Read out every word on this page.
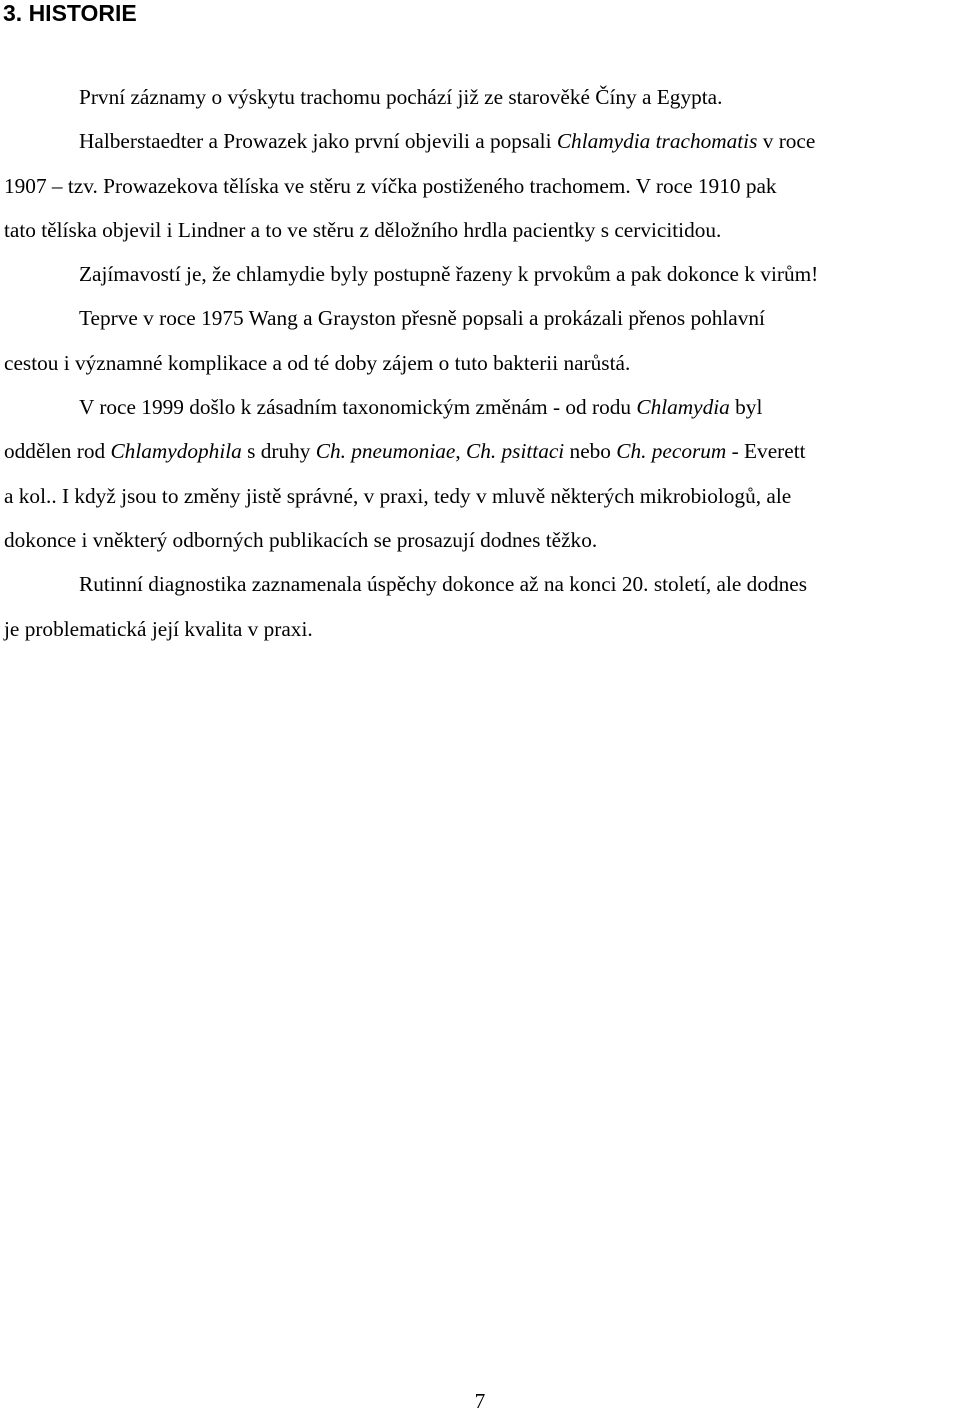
3. HISTORIE
První záznamy o výskytu trachomu pochází již ze starověké Číny a Egypta.
Halberstaedter a Prowazek jako první objevili a popsali Chlamydia trachomatis v roce
1907 – tzv. Prowazekova tělíska ve stěru z víčka postiženého trachomem. V roce 1910 pak
tato tělíska objevil i Lindner a to ve stěru z děložního hrdla pacientky s cervicitidou.
Zajímavostí je, že chlamydie byly postupně řazeny k prvokům a pak dokonce k virům!
Teprve v roce 1975 Wang a Grayston přesně popsali a prokázali přenos pohlavní
cestou i významné komplikace a od té doby zájem o tuto bakterii narůstá.
V roce 1999 došlo k zásadním taxonomickým změnám - od rodu Chlamydia byl
oddělen rod Chlamydophila s druhy Ch. pneumoniae, Ch. psittaci nebo Ch. pecorum - Everett
a kol.. I když jsou to změny jistě správné, v praxi, tedy v mluvě některých mikrobiologů, ale
dokonce i vněkterý odborných publikacích se prosazují dodnes těžko.
Rutinní diagnostika zaznamenala úspěchy dokonce až na konci 20. století, ale dodnes
je problematická její kvalita v praxi.
7
